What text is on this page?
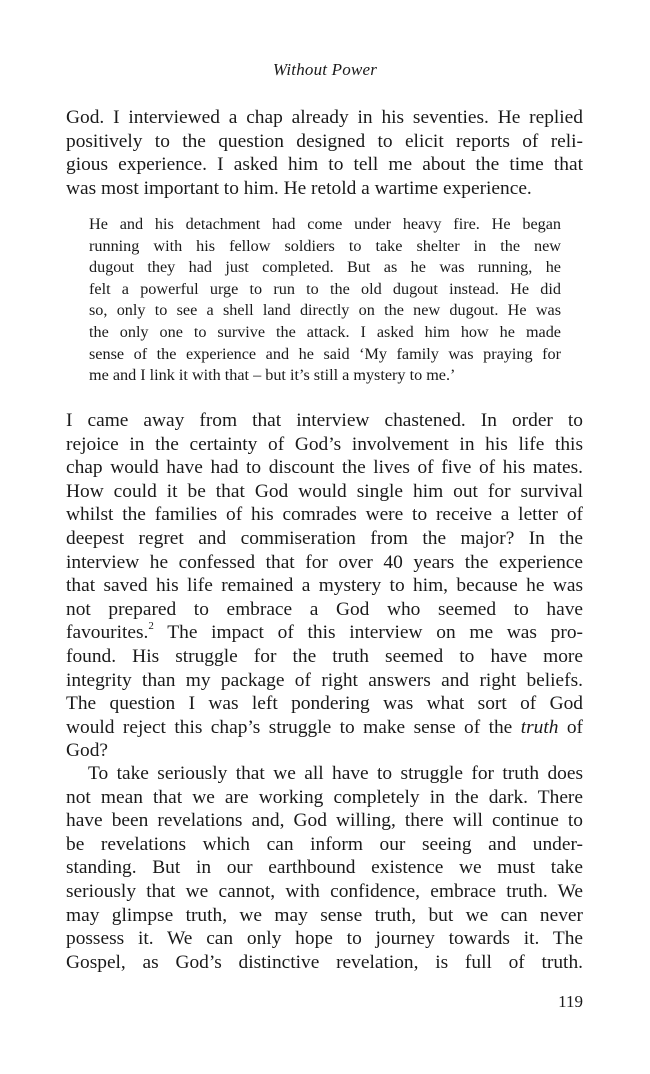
Without Power
God. I interviewed a chap already in his seventies. He replied
positively to the question designed to elicit reports of reli-
gious experience. I asked him to tell me about the time that
was most important to him. He retold a wartime experience.
He and his detachment had come under heavy fire. He began
running with his fellow soldiers to take shelter in the new
dugout they had just completed. But as he was running, he
felt a powerful urge to run to the old dugout instead. He did
so, only to see a shell land directly on the new dugout. He was
the only one to survive the attack. I asked him how he made
sense of the experience and he said ‘My family was praying for
me and I link it with that – but it’s still a mystery to me.’
I came away from that interview chastened. In order to
rejoice in the certainty of God’s involvement in his life this
chap would have had to discount the lives of five of his mates.
How could it be that God would single him out for survival
whilst the families of his comrades were to receive a letter of
deepest regret and commiseration from the major? In the
interview he confessed that for over 40 years the experience
that saved his life remained a mystery to him, because he was
not prepared to embrace a God who seemed to have
favourites.$^2$ The impact of this interview on me was pro-
found. His struggle for the truth seemed to have more
integrity than my package of right answers and right beliefs.
The question I was left pondering was what sort of God
would reject this chap’s struggle to make sense of the truth of
God?
To take seriously that we all have to struggle for truth does
not mean that we are working completely in the dark. There
have been revelations and, God willing, there will continue to
be revelations which can inform our seeing and under-
standing. But in our earthbound existence we must take
seriously that we cannot, with confidence, embrace truth. We
may glimpse truth, we may sense truth, but we can never
possess it. We can only hope to journey towards it. The
Gospel, as God’s distinctive revelation, is full of truth.
119
